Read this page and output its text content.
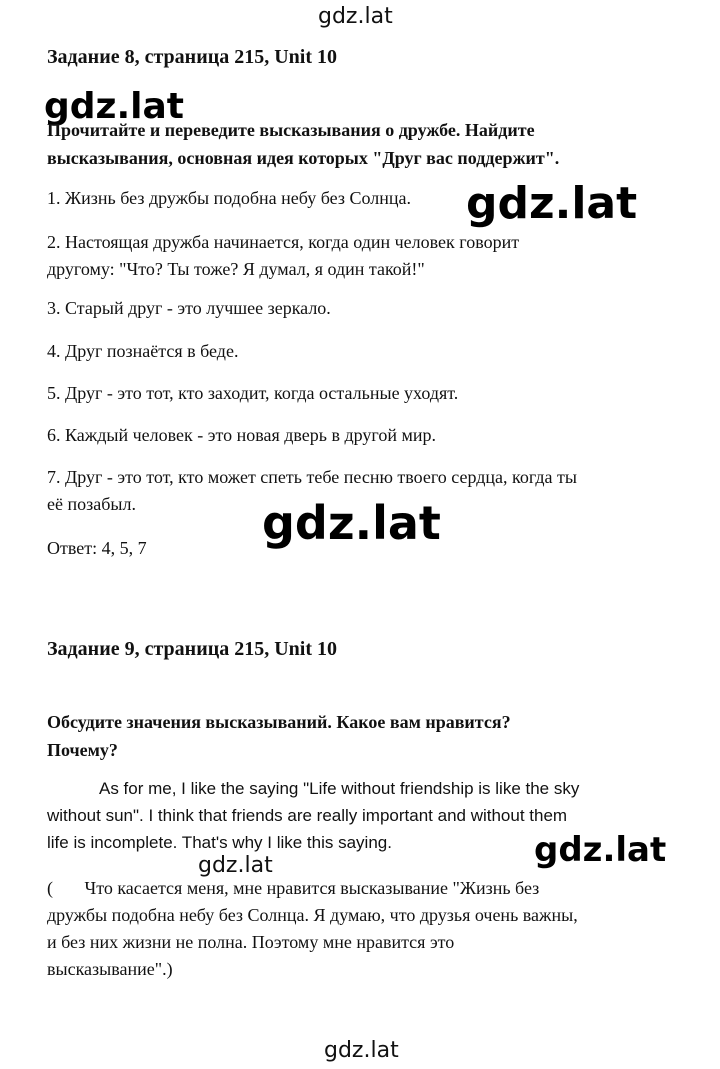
gdz.lat
gdz.lat
gdz.lat
gdz.lat
gdz.lat
gdz.lat
gdz.lat
Задание 8, страница 215, Unit 10
Прочитайте и переведите высказывания о дружбе. Найдите
высказывания, основная идея которых "Друг вас поддержит".
1. Жизнь без дружбы подобна небу без Солнца.
2. Настоящая дружба начинается, когда один человек говорит
другому: "Что? Ты тоже? Я думал, я один такой!"
3. Старый друг - это лучшее зеркало.
4. Друг познаётся в беде.
5. Друг - это тот, кто заходит, когда остальные уходят.
6. Каждый человек - это новая дверь в другой мир.
7. Друг - это тот, кто может спеть тебе песню твоего сердца, когда ты
её позабыл.
Ответ: 4, 5, 7
Задание 9, страница 215, Unit 10
Обсудите значения высказываний. Какое вам нравится?
Почему?
As for me, I like the saying "Life without friendship is like the sky
without sun". I think that friends are really important and without them
life is incomplete. That's why I like this saying.
(       Что касается меня, мне нравится высказывание "Жизнь без
дружбы подобна небу без Солнца. Я думаю, что друзья очень важны,
и без них жизни не полна. Поэтому мне нравится это
высказывание".)
